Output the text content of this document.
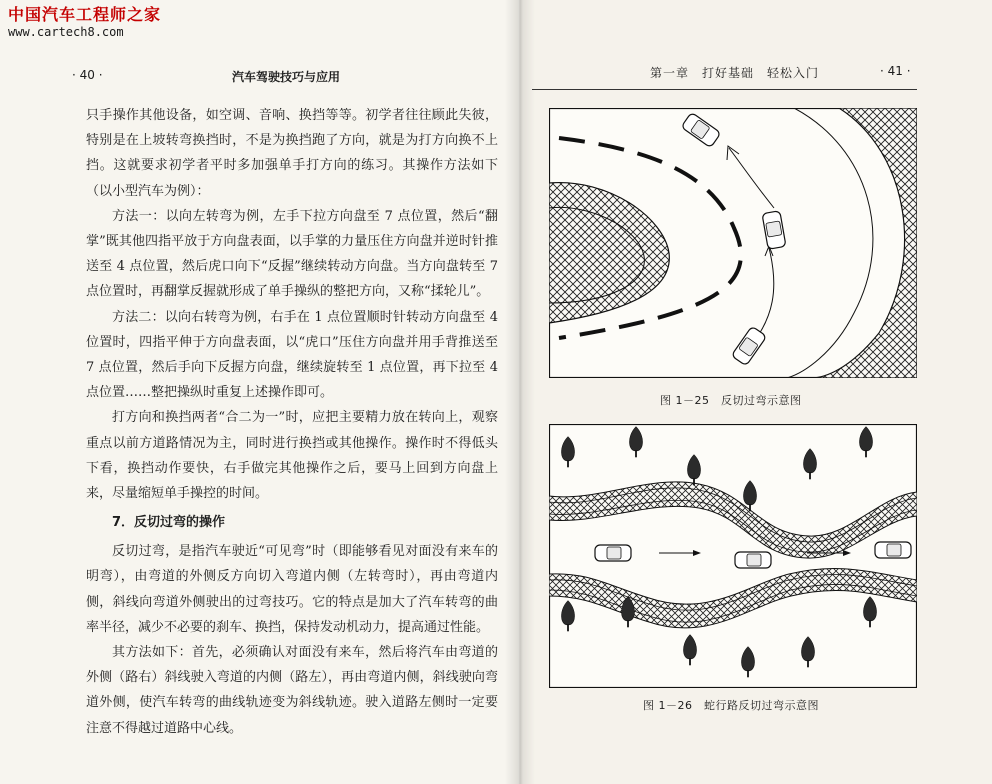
中国汽车工程师之家
www.cartech8.com
· 40 ·	汽车驾驶技巧与应用

只手操作其他设备，如空调、音响、换挡等等。初学者往往顾此失彼，特别是在上坡转弯换挡时，不是为换挡跑了方向，就是为打方向换不上挡。这就要求初学者平时多加强单手打方向的练习。其操作方法如下（以小型汽车为例）：

方法一：以向左转弯为例，左手下拉方向盘至 7 点位置，然后“翻掌”既其他四指平放于方向盘表面，以手掌的力量压住方向盘并逆时针推送至 4 点位置，然后虎口向下“反握”继续转动方向盘。当方向盘转至 7 点位置时，再翻掌反握就形成了单手操纵的整把方向，又称“揉轮儿”。

方法二：以向右转弯为例，右手在 1 点位置顺时针转动方向盘至 4 位置时，四指平伸于方向盘表面，以“虎口”压住方向盘并用手背推送至 7 点位置，然后手向下反握方向盘，继续旋转至 1 点位置，再下拉至 4 点位置……整把操纵时重复上述操作即可。

打方向和换挡两者“合二为一”时，应把主要精力放在转向上，观察重点以前方道路情况为主，同时进行换挡或其他操作。操作时不得低头下看，换挡动作要快，右手做完其他操作之后，要马上回到方向盘上来，尽量缩短单手操控的时间。

7．反切过弯的操作

反切过弯，是指汽车驶近“可见弯”时（即能够看见对面没有来车的明弯），由弯道的外侧反方向切入弯道内侧（左转弯时），再由弯道内侧，斜线向弯道外侧驶出的过弯技巧。它的特点是加大了汽车转弯的曲率半径，减少不必要的刹车、换挡，保持发动机动力，提高通过性能。

其方法如下：首先，必须确认对面没有来车，然后将汽车由弯道的外侧（路右）斜线驶入弯道的内侧（路左），再由弯道内侧，斜线驶向弯道外侧，使汽车转弯的曲线轨迹变为斜线轨迹。驶入道路左侧时一定要注意不得越过道路中心线。

第一章　打好基础　轻松入门	· 41 ·
图 1－25　反切过弯示意图
图 1－26　蛇行路反切过弯示意图
